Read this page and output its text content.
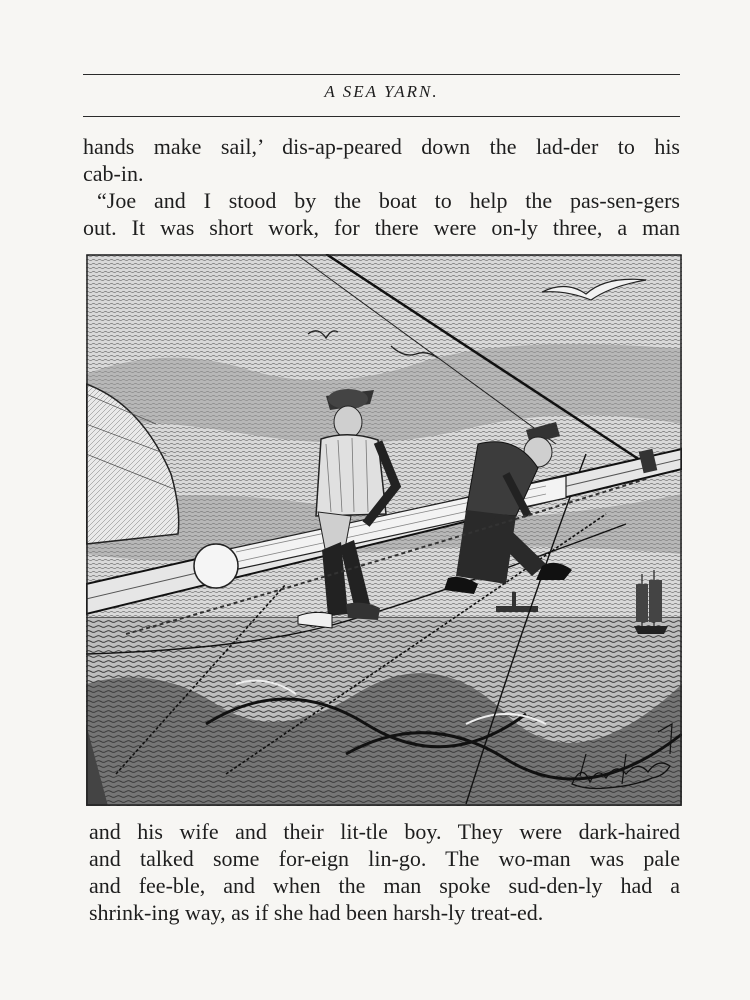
A SEA YARN.

hands make sail,’ dis-ap-peared down the lad-der to his

cab-in.

“Joe and I stood by the boat to help the pas-sen-gers

out. It was short work, for there were on-ly three, a man

and his wife and their lit-tle boy. They were dark-haired

and talked some for-eign lin-go. The wo-man was pale

and fee-ble, and when the man spoke sud-den-ly had a

shrink-ing way, as if she had been harsh-ly treat-ed.
